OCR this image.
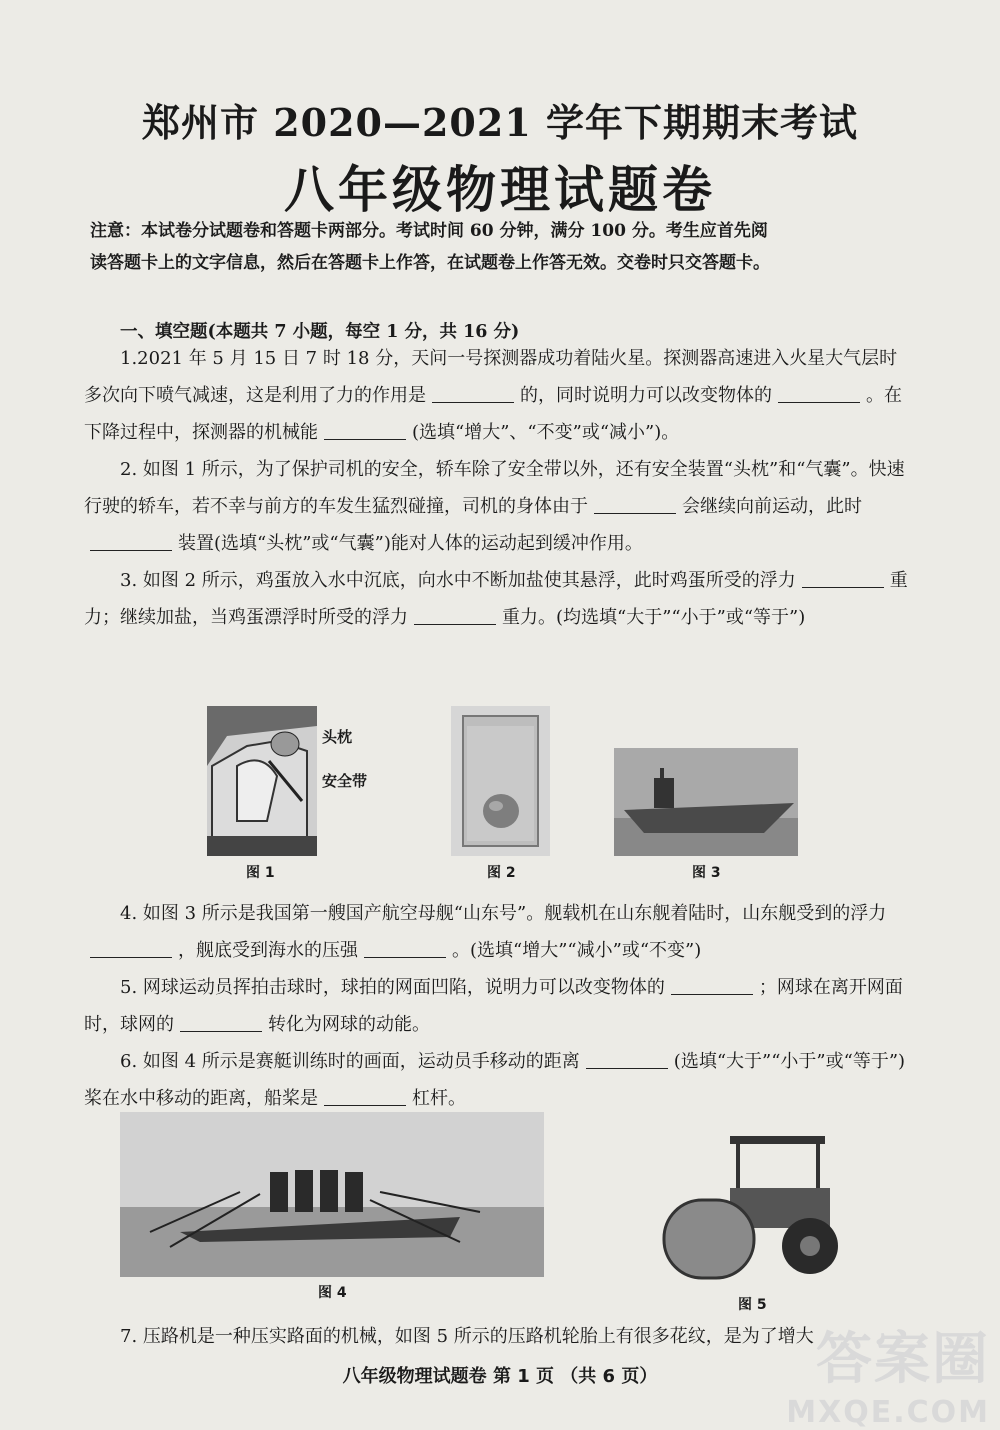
郑州市 2020—2021 学年下期期末考试
八年级物理试题卷
注意：本试卷分试题卷和答题卡两部分。考试时间 60 分钟，满分 100 分。考生应首先阅
读答题卡上的文字信息，然后在答题卡上作答，在试题卷上作答无效。交卷时只交答题卡。
一、填空题(本题共 7 小题，每空 1 分，共 16 分)

1.2021 年 5 月 15 日 7 时 18 分，天问一号探测器成功着陆火星。探测器高速进入火星大气层时多次向下喷气减速，这是利用了力的作用是	的，同时说明力可以改变物体的	。在下降过程中，探测器的机械能	(选填“增大”、“不变”或“减小”)。

2. 如图 1 所示，为了保护司机的安全，轿车除了安全带以外，还有安全装置“头枕”和“气囊”。快速行驶的轿车，若不幸与前方的车发生猛烈碰撞，司机的身体由于	会继续向前运动，此时装置(选填“头枕”或“气囊”)能对人体的运动起到缓冲作用。

3. 如图 2 所示，鸡蛋放入水中沉底，向水中不断加盐使其悬浮，此时鸡蛋所受的浮力	重力；继续加盐，当鸡蛋漂浮时所受的浮力	重力。(均选填“大于”“小于”或“等于”)

头枕
安全带
图 1	图 2	图 3

4. 如图 3 所示是我国第一艘国产航空母舰“山东号”。舰载机在山东舰着陆时，山东舰受到的浮力，舰底受到海水的压强	。(选填“增大”“减小”或“不变”)

5. 网球运动员挥拍击球时，球拍的网面凹陷，说明力可以改变物体的	；网球在离开网面时，球网的	转化为网球的动能。

6. 如图 4 所示是赛艇训练时的画面，运动员手移动的距离	(选填“大于”“小于”或“等于”)桨在水中移动的距离，船桨是	杠杆。

图 4
图 5

7. 压路机是一种压实路面的机械，如图 5 所示的压路机轮胎上有很多花纹，是为了增大

八年级物理试题卷 第 1 页 （共 6 页）	答案圈
MXQE.COM
